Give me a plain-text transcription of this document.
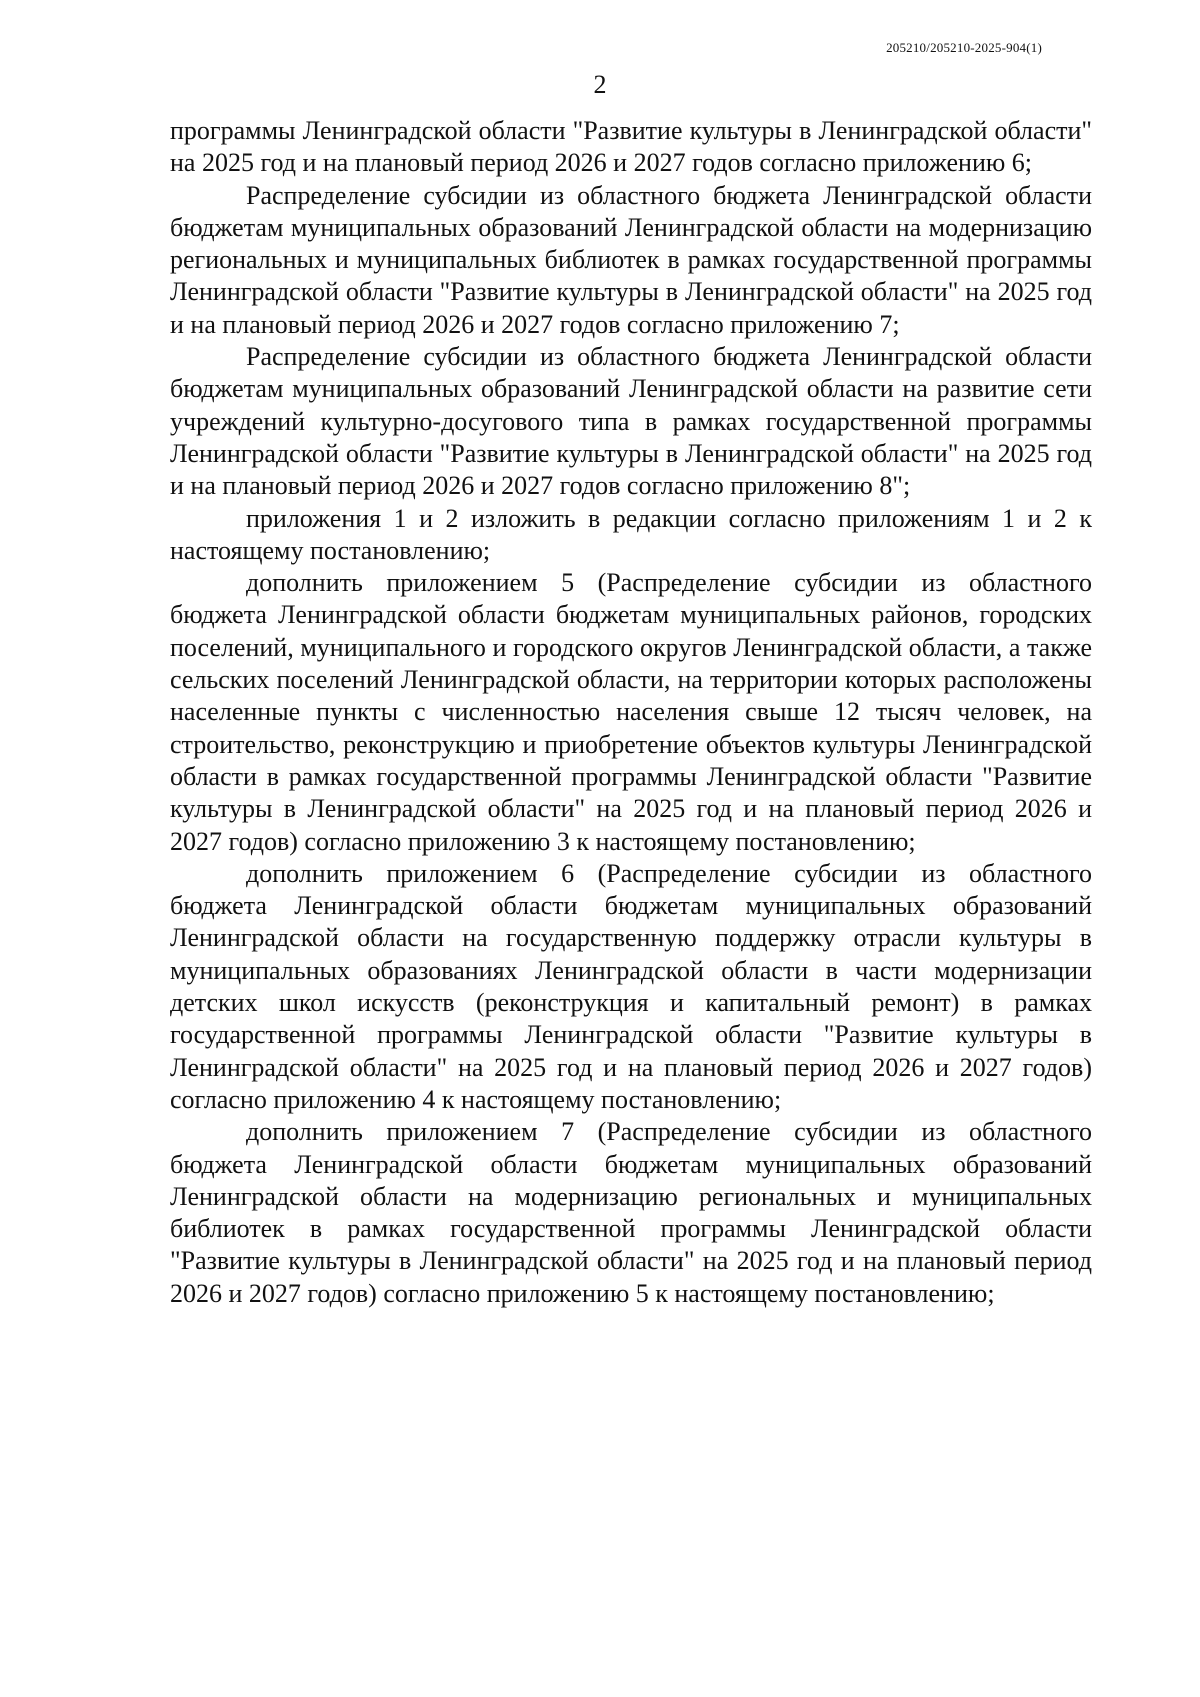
205210/205210-2025-904(1)
2

программы Ленинградской области "Развитие культуры в Ленинградской области" на 2025 год и на плановый период 2026 и 2027 годов согласно приложению 6;

Распределение субсидии из областного бюджета Ленинградской области бюджетам муниципальных образований Ленинградской области на модернизацию региональных и муниципальных библиотек в рамках государственной программы Ленинградской области "Развитие культуры в Ленинградской области" на 2025 год и на плановый период 2026 и 2027 годов согласно приложению 7;

Распределение субсидии из областного бюджета Ленинградской области бюджетам муниципальных образований Ленинградской области на развитие сети учреждений культурно-досугового типа в рамках государственной программы Ленинградской области "Развитие культуры в Ленинградской области" на 2025 год и на плановый период 2026 и 2027 годов согласно приложению 8";

приложения 1 и 2 изложить в редакции согласно приложениям 1 и 2 к настоящему постановлению;

дополнить приложением 5 (Распределение субсидии из областного бюджета Ленинградской области бюджетам муниципальных районов, городских поселений, муниципального и городского округов Ленинградской области, а также сельских поселений Ленинградской области, на территории которых расположены населенные пункты с численностью населения свыше 12 тысяч человек, на строительство, реконструкцию и приобретение объектов культуры Ленинградской области в рамках государственной программы Ленинградской области "Развитие культуры в Ленинградской области" на 2025 год и на плановый период 2026 и 2027 годов) согласно приложению 3 к настоящему постановлению;

дополнить приложением 6 (Распределение субсидии из областного бюджета Ленинградской области бюджетам муниципальных образований Ленинградской области на государственную поддержку отрасли культуры в муниципальных образованиях Ленинградской области в части модернизации детских школ искусств (реконструкция и капитальный ремонт) в рамках государственной программы Ленинградской области "Развитие культуры в Ленинградской области" на 2025 год и на плановый период 2026 и 2027 годов) согласно приложению 4 к настоящему постановлению;

дополнить приложением 7 (Распределение субсидии из областного бюджета Ленинградской области бюджетам муниципальных образований Ленинградской области на модернизацию региональных и муниципальных библиотек в рамках государственной программы Ленинградской области "Развитие культуры в Ленинградской области" на 2025 год и на плановый период 2026 и 2027 годов) согласно приложению 5 к настоящему постановлению;
